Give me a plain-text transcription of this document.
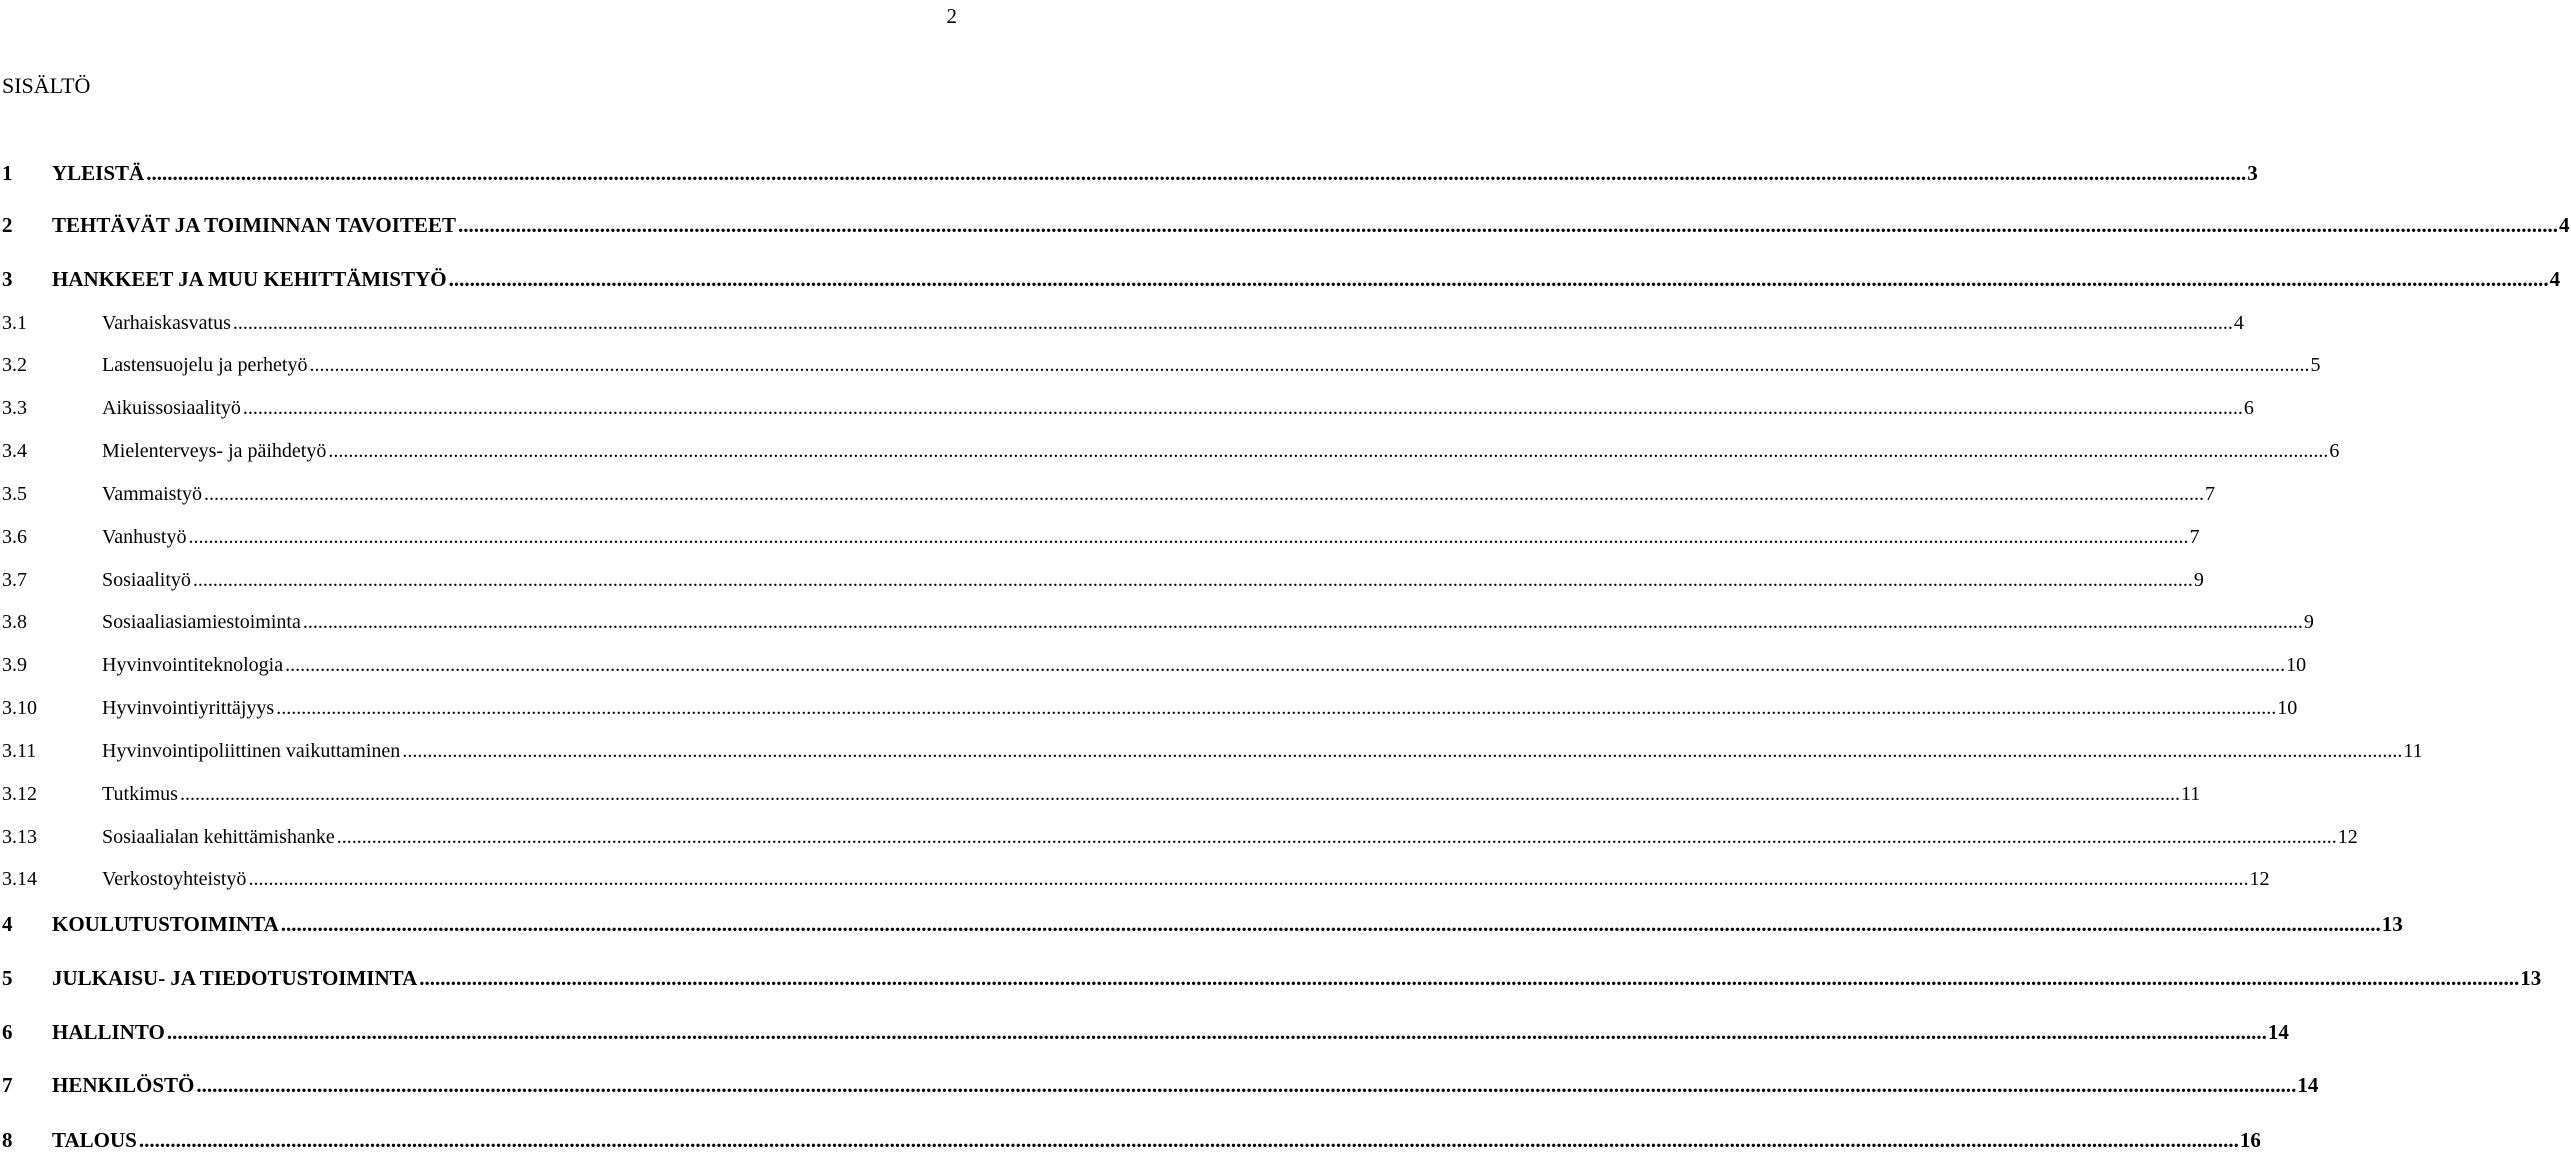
2
SISÄLTÖ
1	YLEISTÄ ................................................................................................................................................................................................................................................................................................................................................................................................................ 3
2	TEHTÄVÄT JA TOIMINNAN TAVOITEET ................................................................................................................................................................................................................................................................................................................................................................................................................ 4
3	HANKKEET JA MUU KEHITTÄMISTYÖ ................................................................................................................................................................................................................................................................................................................................................................................................................ 4
3.1	Varhaiskasvatus ................................................................................................................................................................................................................................................................................................................................................................................................................ 4
3.2	Lastensuojelu ja perhetyö ................................................................................................................................................................................................................................................................................................................................................................................................................ 5
3.3	Aikuissosiaalityö ................................................................................................................................................................................................................................................................................................................................................................................................................ 6
3.4	Mielenterveys- ja päihdetyö ................................................................................................................................................................................................................................................................................................................................................................................................................ 6
3.5	Vammaistyö ................................................................................................................................................................................................................................................................................................................................................................................................................ 7
3.6	Vanhustyö ................................................................................................................................................................................................................................................................................................................................................................................................................ 7
3.7	Sosiaalityö ................................................................................................................................................................................................................................................................................................................................................................................................................ 9
3.8	Sosiaaliasiamiestoiminta ................................................................................................................................................................................................................................................................................................................................................................................................................ 9
3.9	Hyvinvointiteknologia ................................................................................................................................................................................................................................................................................................................................................................................................................ 10
3.10	Hyvinvointiyrittäjyys ................................................................................................................................................................................................................................................................................................................................................................................................................ 10
3.11	Hyvinvointipoliittinen vaikuttaminen ................................................................................................................................................................................................................................................................................................................................................................................................................ 11
3.12	Tutkimus ................................................................................................................................................................................................................................................................................................................................................................................................................ 11
3.13	Sosiaalialan kehittämishanke ................................................................................................................................................................................................................................................................................................................................................................................................................ 12
3.14	Verkostoyhteistyö ................................................................................................................................................................................................................................................................................................................................................................................................................ 12
4	KOULUTUSTOIMINTA ................................................................................................................................................................................................................................................................................................................................................................................................................ 13
5	JULKAISU- JA TIEDOTUSTOIMINTA ................................................................................................................................................................................................................................................................................................................................................................................................................ 13
6	HALLINTO ................................................................................................................................................................................................................................................................................................................................................................................................................ 14
7	HENKILÖSTÖ ................................................................................................................................................................................................................................................................................................................................................................................................................ 14
8	TALOUS ................................................................................................................................................................................................................................................................................................................................................................................................................ 16
